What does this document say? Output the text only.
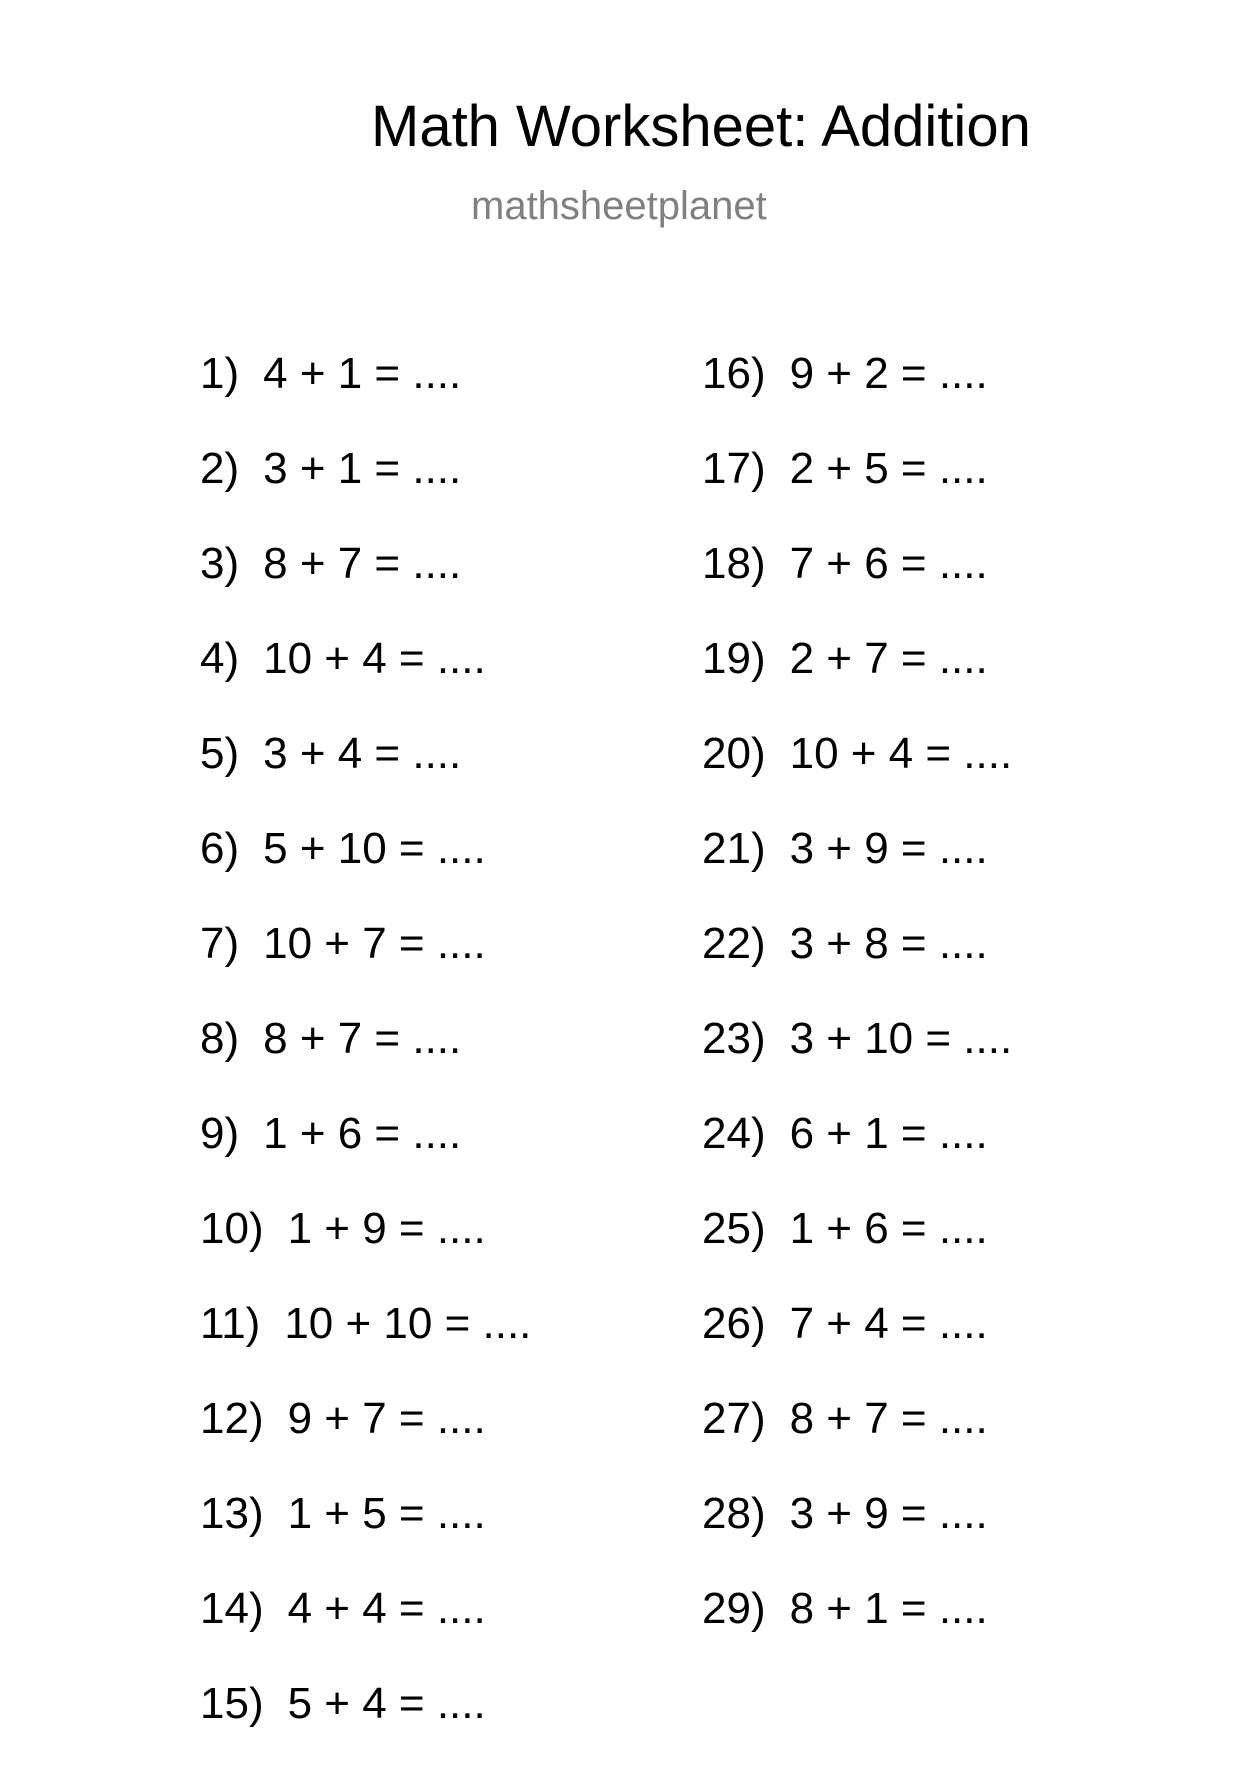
Math Worksheet: Addition
mathsheetplanet
1) 4 + 1 = ....
2) 3 + 1 = ....
3) 8 + 7 = ....
4) 10 + 4 = ....
5) 3 + 4 = ....
6) 5 + 10 = ....
7) 10 + 7 = ....
8) 8 + 7 = ....
9) 1 + 6 = ....
10) 1 + 9 = ....
11) 10 + 10 = ....
12) 9 + 7 = ....
13) 1 + 5 = ....
14) 4 + 4 = ....
15) 5 + 4 = ....
16) 9 + 2 = ....
17) 2 + 5 = ....
18) 7 + 6 = ....
19) 2 + 7 = ....
20) 10 + 4 = ....
21) 3 + 9 = ....
22) 3 + 8 = ....
23) 3 + 10 = ....
24) 6 + 1 = ....
25) 1 + 6 = ....
26) 7 + 4 = ....
27) 8 + 7 = ....
28) 3 + 9 = ....
29) 8 + 1 = ....
